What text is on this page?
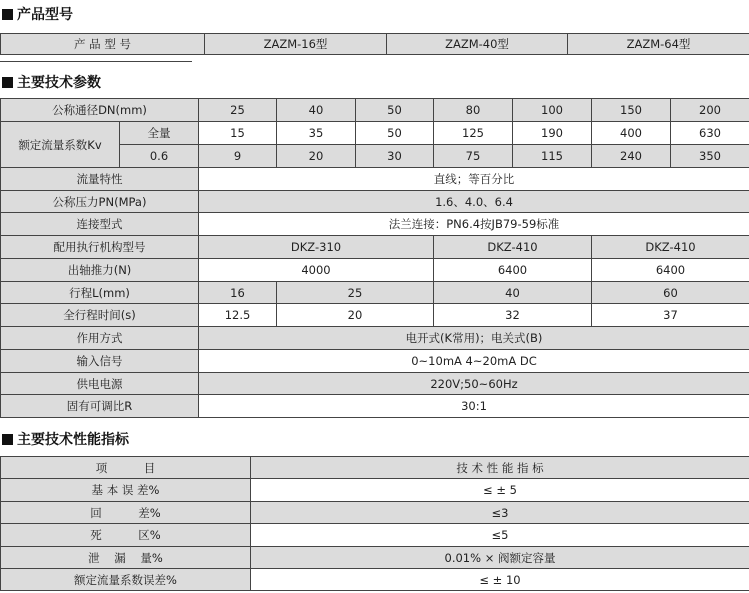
产品型号
产 品 型 号	ZAZM-16型	ZAZM-40型	ZAZM-64型
主要技术参数
公称通径DN(mm)		25	40	50	80	100	150	200
额定流量系数Kv	全量	15	35	50	125	190	400	630
	0.6	9	20	30	75	115	240	350
流量特性		直线；等百分比						
公称压力PN(MPa)		1.6、4.0、6.4						
连接型式		法兰连接：PN6.4按JB79-59标准						
配用执行机构型号		DKZ-310			DKZ-410		DKZ-410	
出轴推力(N)		4000			6400		6400	
行程L(mm)		16	25		40		60	
全行程时间(s)		12.5	20		32		37	
作用方式		电开式(K常用)；电关式(B)						
输入信号		0~10mA 4~20mA DC						
供电电源		220V;50~60Hz						
固有可调比R		30:1						
主要技术性能指标
项          目	技 术 性 能 指 标
基 本 误 差%	≤ ± 5
回          差%	≤3
死          区%	≤5
泄    漏    量%	0.01% × 阀额定容量
额定流量系数误差%	≤ ± 10
